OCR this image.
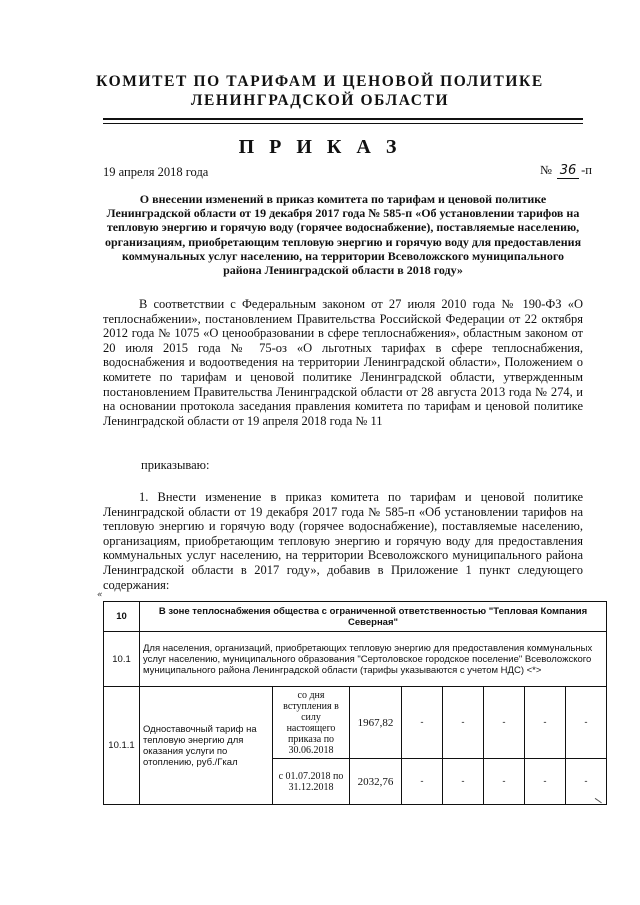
КОМИТЕТ ПО ТАРИФАМ И ЦЕНОВОЙ ПОЛИТИКЕ
ЛЕНИНГРАДСКОЙ ОБЛАСТИ
П Р И К А З
19 апреля 2018 года	№ 36 -п
О внесении изменений в приказ комитета по тарифам и ценовой политике Ленинградской области от 19 декабря 2017 года № 585-п «Об установлении тарифов на тепловую энергию и горячую воду (горячее водоснабжение), поставляемые населению, организациям, приобретающим тепловую энергию и горячую воду для предоставления коммунальных услуг населению, на территории Всеволожского муниципального района Ленинградской области в 2018 году»
В соответствии с Федеральным законом от 27 июля 2010 года № 190-ФЗ «О теплоснабжении», постановлением Правительства Российской Федерации от 22 октября 2012 года № 1075 «О ценообразовании в сфере теплоснабжения», областным законом от 20 июля 2015 года № 75-оз «О льготных тарифах в сфере теплоснабжения, водоснабжения и водоотведения на территории Ленинградской области», Положением о комитете по тарифам и ценовой политике Ленинградской области, утвержденным постановлением Правительства Ленинградской области от 28 августа 2013 года № 274, и на основании протокола заседания правления комитета по тарифам и ценовой политике Ленинградской области от 19 апреля 2018 года № 11
приказываю:
1. Внести изменение в приказ комитета по тарифам и ценовой политике Ленинградской области от 19 декабря 2017 года № 585-п «Об установлении тарифов на тепловую энергию и горячую воду (горячее водоснабжение), поставляемые населению, организациям, приобретающим тепловую энергию и горячую воду для предоставления коммунальных услуг населению, на территории Всеволожского муниципального района Ленинградской области в 2017 году», добавив в Приложение 1 пункт следующего содержания:
«
10	В зоне теплоснабжения общества с ограниченной ответственностью "Тепловая Компания Северная"							
10.1	Для населения, организаций, приобретающих тепловую энергию для предоставления коммунальных услуг населению, муниципального образования "Сертоловское городское поселение" Всеволожского муниципального района Ленинградской области (тарифы указываются с учетом НДС) <*>							
10.1.1	Одноставочный тариф на тепловую энергию для оказания услуги по отоплению, руб./Гкал	со дня вступления в силу настоящего приказа по 30.06.2018	1967,82	-	-	-	-	-
		с 01.07.2018 по 31.12.2018	2032,76	-	-	-	-	-
